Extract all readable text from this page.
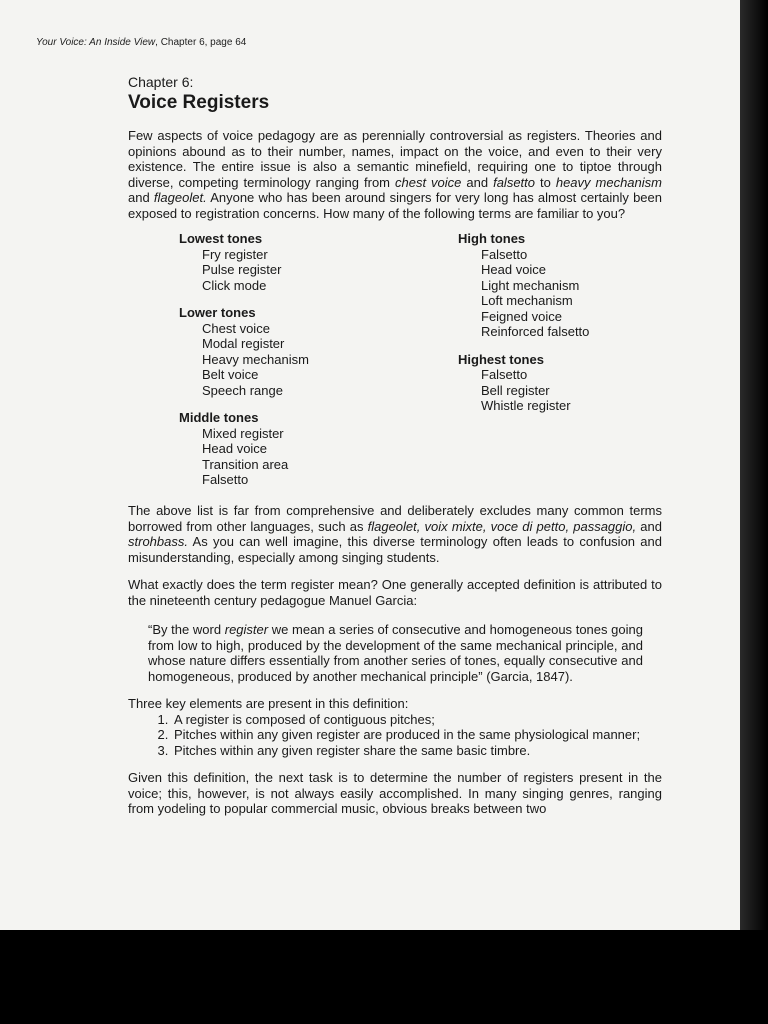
Your Voice: An Inside View, Chapter 6, page 64
Chapter 6:
Voice Registers

Few aspects of voice pedagogy are as perennially controversial as registers. Theories and opinions abound as to their number, names, impact on the voice, and even to their very existence. The entire issue is also a semantic minefield, requiring one to tiptoe through diverse, competing terminology ranging from chest voice and falsetto to heavy mechanism and flageolet. Anyone who has been around singers for very long has almost certainly been exposed to registration concerns. How many of the following terms are familiar to you?

Lowest tones
Fry register
Pulse register
Click mode
Lower tones
Chest voice
Modal register
Heavy mechanism
Belt voice
Speech range
Middle tones
Mixed register
Head voice
Transition area
Falsetto
High tones
Falsetto
Head voice
Light mechanism
Loft mechanism
Feigned voice
Reinforced falsetto
Highest tones
Falsetto
Bell register
Whistle register

The above list is far from comprehensive and deliberately excludes many common terms borrowed from other languages, such as flageolet, voix mixte, voce di petto, passaggio, and strohbass. As you can well imagine, this diverse terminology often leads to confusion and misunderstanding, especially among singing students.

What exactly does the term register mean? One generally accepted definition is attributed to the nineteenth century pedagogue Manuel Garcia:

“By the word register we mean a series of consecutive and homogeneous tones going from low to high, produced by the development of the same mechanical principle, and whose nature differs essentially from another series of tones, equally consecutive and homogeneous, produced by another mechanical principle” (Garcia, 1847).

Three key elements are present in this definition:

1. A register is composed of contiguous pitches;
2. Pitches within any given register are produced in the same physiological manner;
3. Pitches within any given register share the same basic timbre.

Given this definition, the next task is to determine the number of registers present in the voice; this, however, is not always easily accomplished. In many singing genres, ranging from yodeling to popular commercial music, obvious breaks between two
